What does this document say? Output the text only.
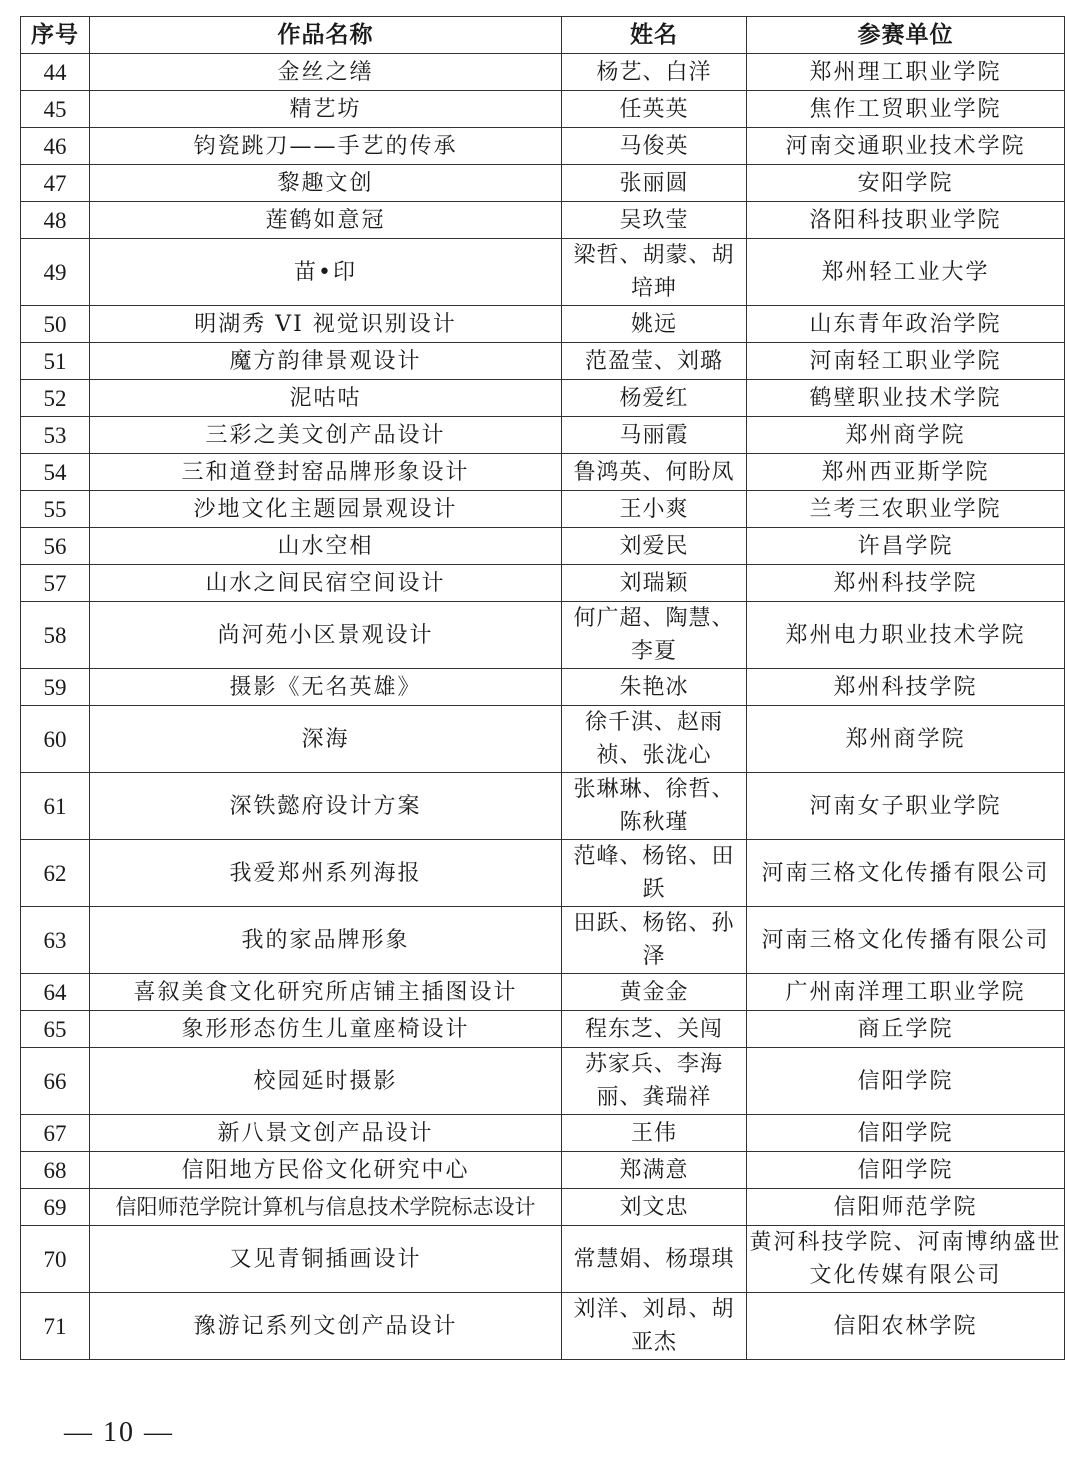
序号	作品名称	姓名	参赛单位
44	金丝之缮	杨艺、白洋	郑州理工职业学院
45	精艺坊	任英英	焦作工贸职业学院
46	钧瓷跳刀——手艺的传承	马俊英	河南交通职业技术学院
47	黎趣文创	张丽圆	安阳学院
48	莲鹤如意冠	吴玖莹	洛阳科技职业学院
49	苗•印	梁哲、胡蒙、胡培珅	郑州轻工业大学
50	明湖秀 VI 视觉识别设计	姚远	山东青年政治学院
51	魔方韵律景观设计	范盈莹、刘璐	河南轻工职业学院
52	泥咕咕	杨爱红	鹤壁职业技术学院
53	三彩之美文创产品设计	马丽霞	郑州商学院
54	三和道登封窑品牌形象设计	鲁鸿英、何盼凤	郑州西亚斯学院
55	沙地文化主题园景观设计	王小爽	兰考三农职业学院
56	山水空相	刘爱民	许昌学院
57	山水之间民宿空间设计	刘瑞颖	郑州科技学院
58	尚河苑小区景观设计	何广超、陶慧、李夏	郑州电力职业技术学院
59	摄影《无名英雄》	朱艳冰	郑州科技学院
60	深海	徐千淇、赵雨祯、张泷心	郑州商学院
61	深铁懿府设计方案	张琳琳、徐哲、陈秋瑾	河南女子职业学院
62	我爱郑州系列海报	范峰、杨铭、田跃	河南三格文化传播有限公司
63	我的家品牌形象	田跃、杨铭、孙泽	河南三格文化传播有限公司
64	喜叙美食文化研究所店铺主插图设计	黄金金	广州南洋理工职业学院
65	象形形态仿生儿童座椅设计	程东芝、关闯	商丘学院
66	校园延时摄影	苏家兵、李海丽、龚瑞祥	信阳学院
67	新八景文创产品设计	王伟	信阳学院
68	信阳地方民俗文化研究中心	郑满意	信阳学院
69	信阳师范学院计算机与信息技术学院标志设计	刘文忠	信阳师范学院
70	又见青铜插画设计	常慧娟、杨璟琪	黄河科技学院、河南博纳盛世文化传媒有限公司
71	豫游记系列文创产品设计	刘洋、刘昂、胡亚杰	信阳农林学院
— 10 —
